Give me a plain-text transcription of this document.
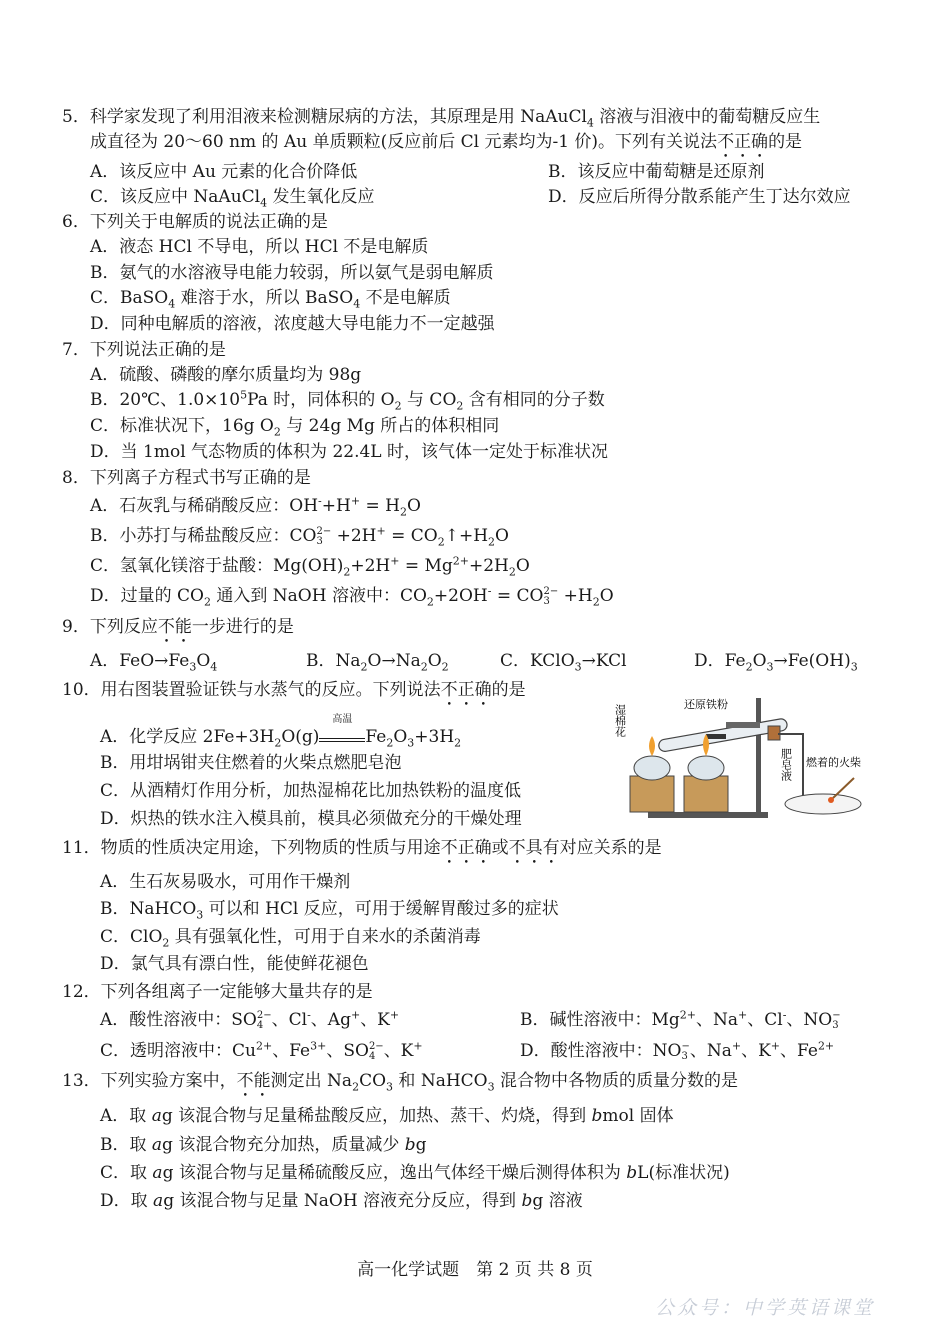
5．科学家发现了利用泪液来检测糖尿病的方法，其原理是用 NaAuCl$_4$ 溶液与泪液中的葡萄糖反应生
成直径为 20～60 nm 的 Au 单质颗粒(反应前后 Cl 元素均为-1 价)。下列有关说法不正确的是
A．该反应中 Au 元素的化合价降低	B．该反应中葡萄糖是还原剂
C．该反应中 NaAuCl$_4$ 发生氧化反应	D．反应后所得分散系能产生丁达尔效应
6．下列关于电解质的说法正确的是
A．液态 HCl 不导电，所以 HCl 不是电解质
B．氨气的水溶液导电能力较弱，所以氨气是弱电解质
C．BaSO$_4$ 难溶于水，所以 BaSO$_4$ 不是电解质
D．同种电解质的溶液，浓度越大导电能力不一定越强
7．下列说法正确的是
A．硫酸、磷酸的摩尔质量均为 98g
B．20℃、$1.0\times 10^5Pa$ 时，同体积的 $O_2$ 与 $CO_2$ 含有相同的分子数
C．标准状况下，16g $O_2$ 与 24g Mg 所占的体积相同
D．当 1mol 气态物质的体积为 22.4L 时，该气体一定处于标准状况
8．下列离子方程式书写正确的是
A．石灰乳与稀硝酸反应：$OH^-+H^+ = H_2O$
B．小苏打与稀盐酸反应：CO 2−
$3 +2H^+ = CO_2↑+H_2O$
C．氢氧化镁溶于盐酸：$Mg(OH)_2+2H^+ = Mg^{2+}+2H_2O$
D．过量的 $CO_2$ 通入到 NaOH 溶液中：$CO_2+2OH^-$ = CO 2−
$3 +H_2O$
9．下列反应不能一步进行的是
A．$FeO\to Fe_3O_4$	B．$Na_2O\to Na_2O_2$	C．KClO$_3$→KCl	D．$Fe_2O_3\to Fe(OH)_3$
10．用右图装置验证铁与水蒸气的反应。下列说法不正确的是
A．化学反应 $2Fe+3H_2O(g)$
高温
$Fe_2O_3+3H_2$
B．用坩埚钳夹住燃着的火柴点燃肥皂泡
C．从酒精灯作用分析，加热湿棉花比加热铁粉的温度低
D．炽热的铁水注入模具前，模具必须做充分的干燥处理
湿棉花	还原铁粉
肥皂液 燃着的火柴
11．物质的性质决定用途，下列物质的性质与用途不正确或不具有对应关系的是
A．生石灰易吸水，可用作干燥剂
B．NaHCO$_3$ 可以和 HCl 反应，可用于缓解胃酸过多的症状
C．ClO$_2$ 具有强氧化性，可用于自来水的杀菌消毒
D．氯气具有漂白性，能使鲜花褪色
12．下列各组离子一定能够大量共存的是
A．酸性溶液中：SO 2−
4 、Cl-、Ag+、K+	B．碱性溶液中：$Mg^{2+}$、Na+、Cl-、NO −
3
C．透明溶液中：$Cu^{2+}$、$Fe^{3+}$、SO 2−
4 、K+	D．酸性溶液中：NO −
3 、Na+、K+、$Fe^{2+}$
13．下列实验方案中，不能测定出 $Na_2CO_3$ 和 NaHCO$_3$ 混合物中各物质的质量分数的是
A．取 ag 该混合物与足量稀盐酸反应，加热、蒸干、灼烧，得到 bmol 固体
B．取 ag 该混合物充分加热，质量减少 bg
C．取 ag 该混合物与足量稀硫酸反应，逸出气体经干燥后测得体积为 bL(标准状况)
D．取 ag 该混合物与足量 NaOH 溶液充分反应，得到 bg 溶液
高一化学试题　第 2 页 共 8 页
公众号：中学英语课堂
